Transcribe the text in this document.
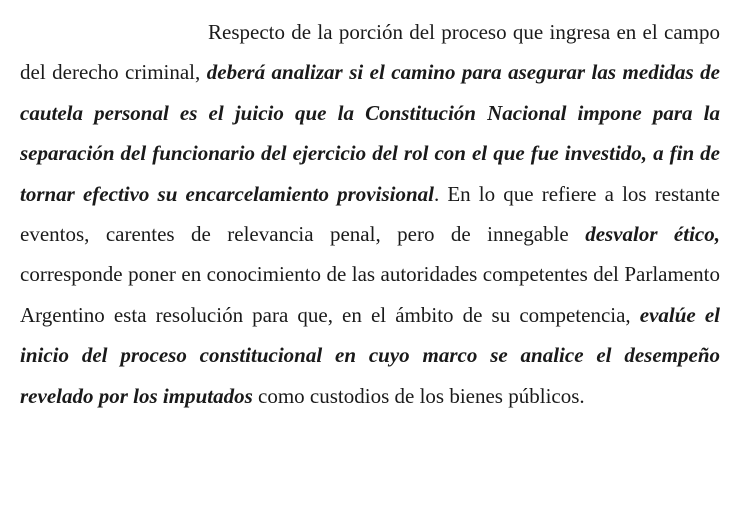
Respecto de la porción del proceso que ingresa en el campo del derecho criminal, deberá analizar si el camino para asegurar las medidas de cautela personal es el juicio que la Constitución Nacional impone para la separación del funcionario del ejercicio del rol con el que fue investido, a fin de tornar efectivo su encarcelamiento provisional. En lo que refiere a los restante eventos, carentes de relevancia penal, pero de innegable desvalor ético, corresponde poner en conocimiento de las autoridades competentes del Parlamento Argentino esta resolución para que, en el ámbito de su competencia, evalúe el inicio del proceso constitucional en cuyo marco se analice el desempeño revelado por los imputados como custodios de los bienes públicos.
